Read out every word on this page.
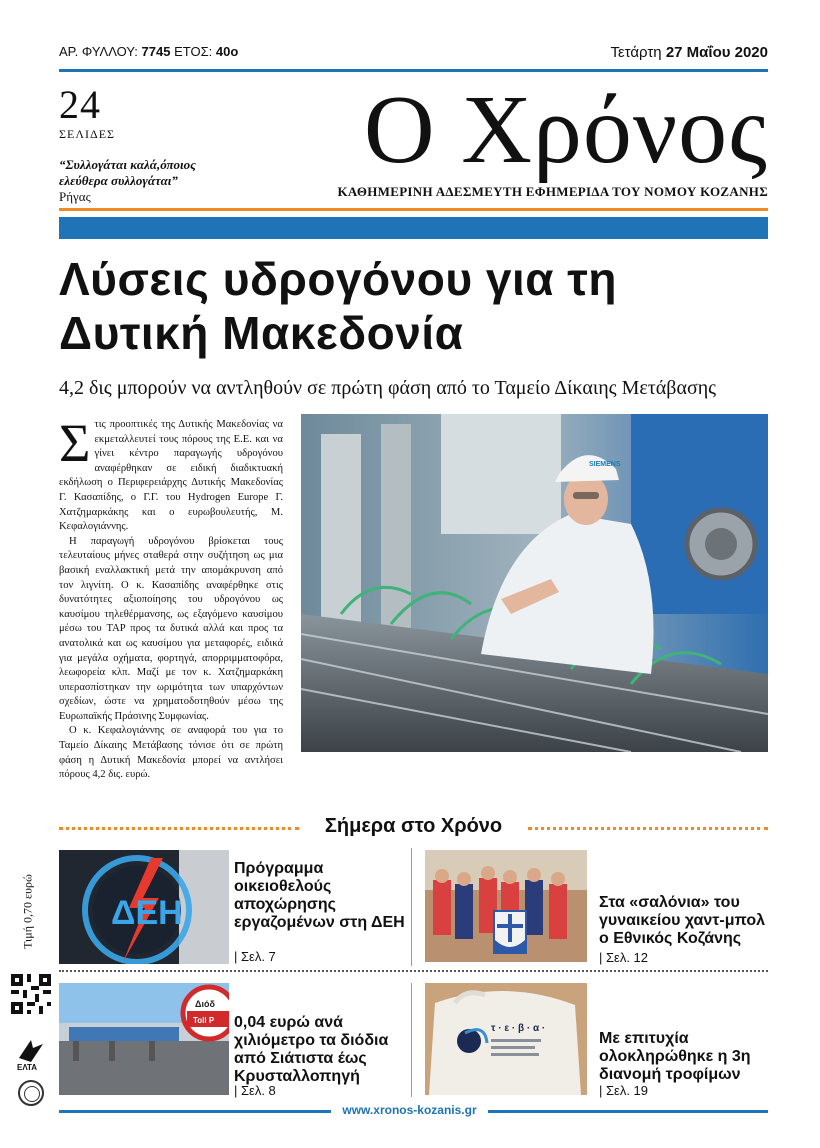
ΑΡ. ΦΥΛΛΟΥ: 7745 ΕΤΟΣ: 40ο	Τετάρτη 27 Μαΐου 2020
24
ΣΕΛΙΔΕΣ
“Συλλογάται καλά,όποιος
ελεύθερα συλλογάται”
Ρήγας
Ο Χρόνος
ΚΑΘΗΜΕΡΙΝΗ ΑΔΕΣΜΕΥΤΗ ΕΦΗΜΕΡΙΔΑ ΤΟΥ ΝΟΜΟΥ ΚΟΖΑΝΗΣ
Λύσεις υδρογόνου για τη
Δυτική Μακεδονία
4,2 δις μπορούν να αντληθούν σε πρώτη φάση από το Ταμείο Δίκαιης Μετάβασης

Σ τις προοπτικές της Δυτικής Μακεδονίας να εκμεταλλευτεί τους πόρους της Ε.Ε. και να γίνει κέντρο παραγωγής υδρογόνου αναφέρθηκαν σε ειδική διαδικτυακή εκδήλωση ο Περιφερειάρχης Δυτικής Μακεδονίας Γ. Κασαπίδης, ο Γ.Γ. του Hydrogen Europe Γ. Χατζημαρκάκης και ο ευρωβουλευτής, Μ. Κεφαλογιάννης.

Η παραγωγή υδρογόνου βρίσκεται τους τελευταίους μήνες σταθερά στην συζήτηση ως μια βασική εναλλακτική μετά την απομάκρυνση από τον λιγνίτη. Ο κ. Κασαπίδης αναφέρθηκε στις δυνατότητες αξιοποίησης του υδρογόνου ως καυσίμου τηλεθέρμανσης, ως εξαγόμενο καυσίμου μέσω του TAP προς τα δυτικά αλλά και προς τα ανατολικά και ως καυσίμου για μεταφορές, ειδικά για μεγάλα οχήματα, φορτηγά, απορριμματοφόρα, λεωφορεία κλπ. Μαζί με τον κ. Χατζημαρκάκη υπερασπίστηκαν την ωριμότητα των υπαρχόντων σχεδίων, ώστε να χρηματοδοτηθούν μέσω της Ευρωπαϊκής Πράσινης Συμφωνίας.

Ο κ. Κεφαλογιάννης σε αναφορά του για το Ταμείο Δίκαιης Μετάβασης τόνισε ότι σε πρώτη φάση η Δυτική Μακεδονία μπορεί να αντλήσει πόρους 4,2 δις. ευρώ.

SIEMENS
Σήμερα στο Χρόνο
Τιμή 0,70 ευρώ ΔΕΗ
Πρόγραμμα οικειοθελούς αποχώρησης εργαζομένων στη ΔΕΗ
| Σελ. 7
Στα «σαλόνια» του γυναικείου χαντ-μπολ ο Εθνικός Κοζάνης
| Σελ. 12
Διόδ
Toll P 0,04 ευρώ ανά χιλιόμετρο τα διόδια από Σιάτιστα έως Κρυσταλλοπηγή
| Σελ. 8
τ · ε · β · α ·
Με επιτυχία ολοκληρώθηκε η 3η διανομή τροφίμων
| Σελ. 19
ΕΛΤΑ
www.xronos-kozanis.gr
